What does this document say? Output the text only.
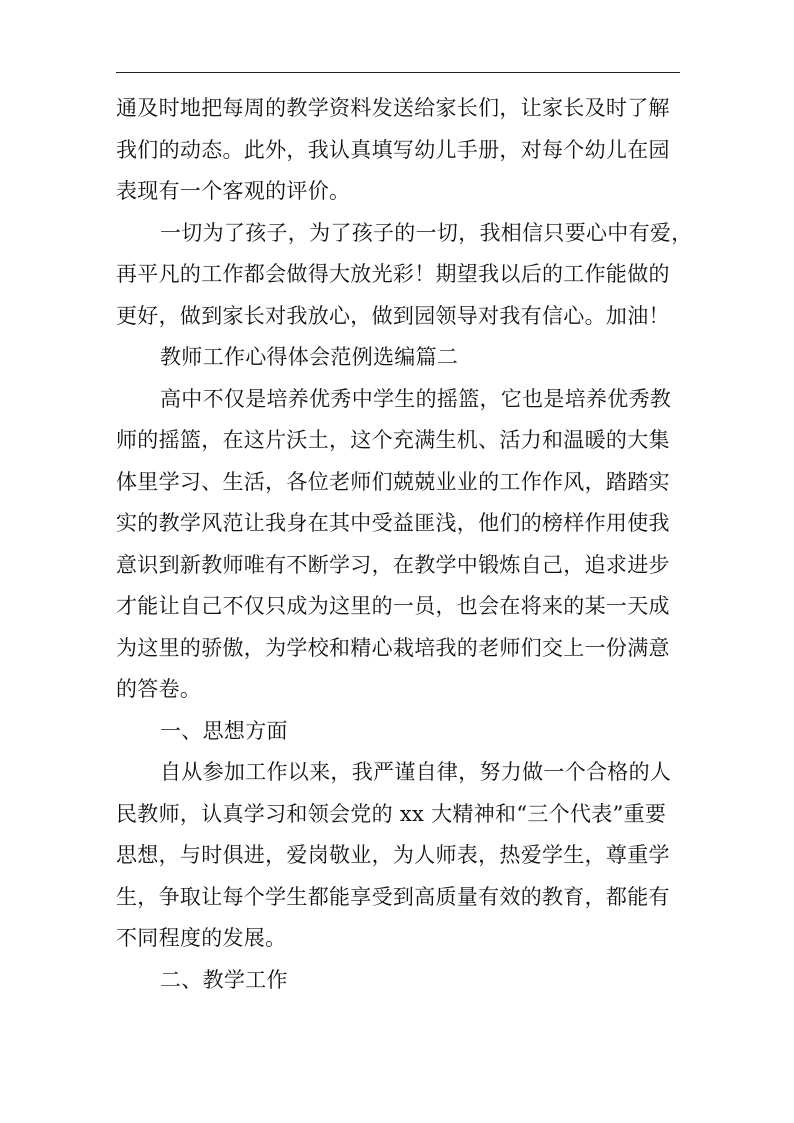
通及时地把每周的教学资料发送给家长们，让家长及时了解
我们的动态。此外，我认真填写幼儿手册，对每个幼儿在园
表现有一个客观的评价。
一切为了孩子，为了孩子的一切，我相信只要心中有爱，
再平凡的工作都会做得大放光彩！期望我以后的工作能做的
更好，做到家长对我放心，做到园领导对我有信心。加油！
教师工作心得体会范例选编篇二
高中不仅是培养优秀中学生的摇篮，它也是培养优秀教
师的摇篮，在这片沃土，这个充满生机、活力和温暖的大集
体里学习、生活，各位老师们兢兢业业的工作作风，踏踏实
实的教学风范让我身在其中受益匪浅，他们的榜样作用使我
意识到新教师唯有不断学习，在教学中锻炼自己，追求进步
才能让自己不仅只成为这里的一员，也会在将来的某一天成
为这里的骄傲，为学校和精心栽培我的老师们交上一份满意
的答卷。
一、思想方面
自从参加工作以来，我严谨自律，努力做一个合格的人
民教师，认真学习和领会党的 xx 大精神和“三个代表”重要
思想，与时俱进，爱岗敬业，为人师表，热爱学生，尊重学
生，争取让每个学生都能享受到高质量有效的教育，都能有
不同程度的发展。
二、教学工作
